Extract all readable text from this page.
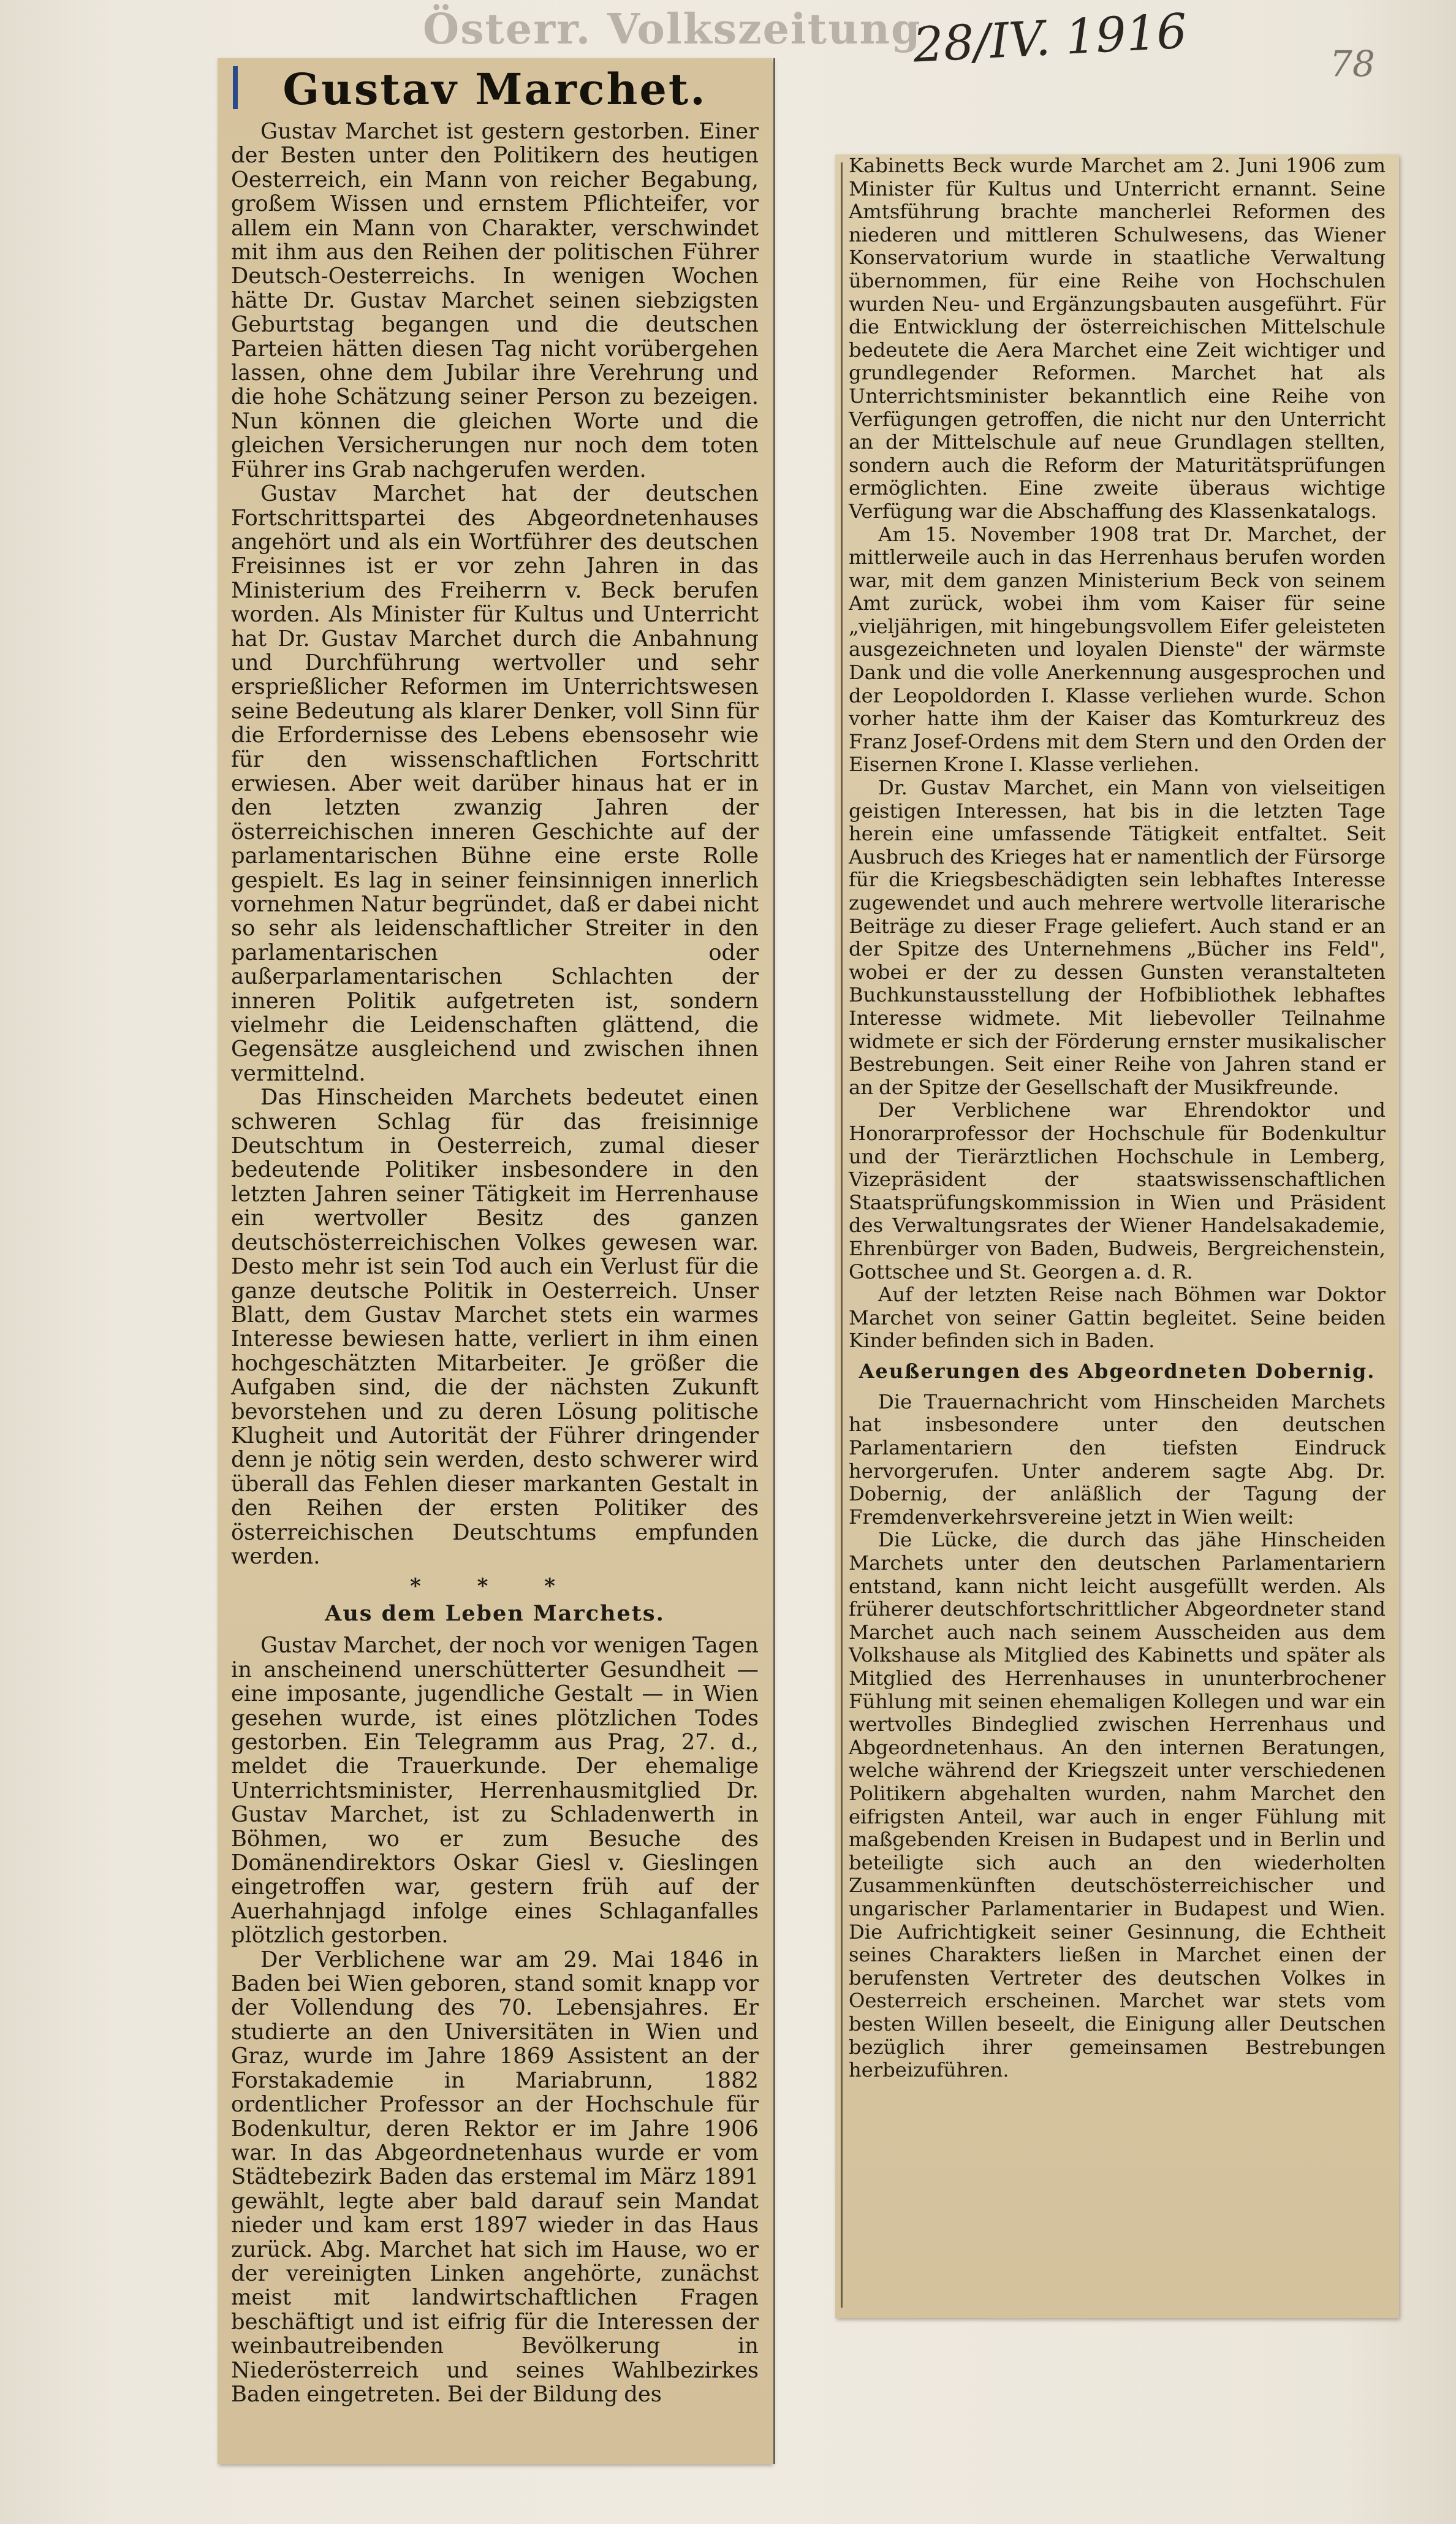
Österr. Volkszeitung
28/IV. 1916	78
Gustav Marchet.

Gustav Marchet ist gestern gestorben. Einer der Besten unter den Politikern des heutigen Oesterreich, ein Mann von reicher Begabung, großem Wissen und ernstem Pflichteifer, vor allem ein Mann von Charakter, verschwindet mit ihm aus den Reihen der politischen Führer Deutsch-Oesterreichs. In wenigen Wochen hätte Dr. Gustav Marchet seinen siebzigsten Geburtstag begangen und die deutschen Parteien hätten diesen Tag nicht vorübergehen lassen, ohne dem Jubilar ihre Verehrung und die hohe Schätzung seiner Person zu bezeigen. Nun können die gleichen Worte und die gleichen Versicherungen nur noch dem toten Führer ins Grab nachgerufen werden.

Gustav Marchet hat der deutschen Fortschrittspartei des Abgeordnetenhauses angehört und als ein Wortführer des deutschen Freisinnes ist er vor zehn Jahren in das Ministerium des Freiherrn v. Beck berufen worden. Als Minister für Kultus und Unterricht hat Dr. Gustav Marchet durch die Anbahnung und Durchführung wertvoller und sehr ersprießlicher Reformen im Unterrichtswesen seine Bedeutung als klarer Denker, voll Sinn für die Erfordernisse des Lebens ebensosehr wie für den wissenschaftlichen Fortschritt erwiesen. Aber weit darüber hinaus hat er in den letzten zwanzig Jahren der österreichischen inneren Geschichte auf der parlamentarischen Bühne eine erste Rolle gespielt. Es lag in seiner feinsinnigen innerlich vornehmen Natur begründet, daß er dabei nicht so sehr als leidenschaftlicher Streiter in den parlamentarischen oder außerparlamentarischen Schlachten der inneren Politik aufgetreten ist, sondern vielmehr die Leidenschaften glättend, die Gegensätze ausgleichend und zwischen ihnen vermittelnd.

Das Hinscheiden Marchets bedeutet einen schweren Schlag für das freisinnige Deutschtum in Oesterreich, zumal dieser bedeutende Politiker insbesondere in den letzten Jahren seiner Tätigkeit im Herrenhause ein wertvoller Besitz des ganzen deutschösterreichischen Volkes gewesen war. Desto mehr ist sein Tod auch ein Verlust für die ganze deutsche Politik in Oesterreich. Unser Blatt, dem Gustav Marchet stets ein warmes Interesse bewiesen hatte, verliert in ihm einen hochgeschätzten Mitarbeiter. Je größer die Aufgaben sind, die der nächsten Zukunft bevorstehen und zu deren Lösung politische Klugheit und Autorität der Führer dringender denn je nötig sein werden, desto schwerer wird überall das Fehlen dieser markanten Gestalt in den Reihen der ersten Politiker des österreichischen Deutschtums empfunden werden.

* * *
Aus dem Leben Marchets.

Gustav Marchet, der noch vor wenigen Tagen in anscheinend unerschütterter Gesundheit — eine imposante, jugendliche Gestalt — in Wien gesehen wurde, ist eines plötzlichen Todes gestorben. Ein Telegramm aus Prag, 27. d., meldet die Trauerkunde. Der ehemalige Unterrichtsminister, Herrenhausmitglied Dr. Gustav Marchet, ist zu Schladenwerth in Böhmen, wo er zum Besuche des Domänendirektors Oskar Giesl v. Gieslingen eingetroffen war, gestern früh auf der Auerhahnjagd infolge eines Schlaganfalles plötzlich gestorben.

Der Verblichene war am 29. Mai 1846 in Baden bei Wien geboren, stand somit knapp vor der Vollendung des 70. Lebensjahres. Er studierte an den Universitäten in Wien und Graz, wurde im Jahre 1869 Assistent an der Forstakademie in Mariabrunn, 1882 ordentlicher Professor an der Hochschule für Bodenkultur, deren Rektor er im Jahre 1906 war. In das Abgeordnetenhaus wurde er vom Städtebezirk Baden das erstemal im März 1891 gewählt, legte aber bald darauf sein Mandat nieder und kam erst 1897 wieder in das Haus zurück. Abg. Marchet hat sich im Hause, wo er der vereinigten Linken angehörte, zunächst meist mit landwirtschaftlichen Fragen beschäftigt und ist eifrig für die Interessen der weinbautreibenden Bevölkerung in Niederösterreich und seines Wahlbezirkes Baden eingetreten. Bei der Bildung des

Kabinetts Beck wurde Marchet am 2. Juni 1906 zum Minister für Kultus und Unterricht ernannt. Seine Amtsführung brachte mancherlei Reformen des niederen und mittleren Schulwesens, das Wiener Konservatorium wurde in staatliche Verwaltung übernommen, für eine Reihe von Hochschulen wurden Neu- und Ergänzungsbauten ausgeführt. Für die Entwicklung der österreichischen Mittelschule bedeutete die Aera Marchet eine Zeit wichtiger und grundlegender Reformen. Marchet hat als Unterrichtsminister bekanntlich eine Reihe von Verfügungen getroffen, die nicht nur den Unterricht an der Mittelschule auf neue Grundlagen stellten, sondern auch die Reform der Maturitätsprüfungen ermöglichten. Eine zweite überaus wichtige Verfügung war die Abschaffung des Klassenkatalogs.

Am 15. November 1908 trat Dr. Marchet, der mittlerweile auch in das Herrenhaus berufen worden war, mit dem ganzen Ministerium Beck von seinem Amt zurück, wobei ihm vom Kaiser für seine „vieljährigen, mit hingebungsvollem Eifer geleisteten ausgezeichneten und loyalen Dienste" der wärmste Dank und die volle Anerkennung ausgesprochen und der Leopoldorden I. Klasse verliehen wurde. Schon vorher hatte ihm der Kaiser das Komturkreuz des Franz Josef-Ordens mit dem Stern und den Orden der Eisernen Krone I. Klasse verliehen.

Dr. Gustav Marchet, ein Mann von vielseitigen geistigen Interessen, hat bis in die letzten Tage herein eine umfassende Tätigkeit entfaltet. Seit Ausbruch des Krieges hat er namentlich der Fürsorge für die Kriegsbeschädigten sein lebhaftes Interesse zugewendet und auch mehrere wertvolle literarische Beiträge zu dieser Frage geliefert. Auch stand er an der Spitze des Unternehmens „Bücher ins Feld", wobei er der zu dessen Gunsten veranstalteten Buchkunstausstellung der Hofbibliothek lebhaftes Interesse widmete. Mit liebevoller Teilnahme widmete er sich der Förderung ernster musikalischer Bestrebungen. Seit einer Reihe von Jahren stand er an der Spitze der Gesellschaft der Musikfreunde.

Der Verblichene war Ehrendoktor und Honorarprofessor der Hochschule für Bodenkultur und der Tierärztlichen Hochschule in Lemberg, Vizepräsident der staatswissenschaftlichen Staatsprüfungskommission in Wien und Präsident des Verwaltungsrates der Wiener Handelsakademie, Ehrenbürger von Baden, Budweis, Bergreichenstein, Gottschee und St. Georgen a. d. R.

Auf der letzten Reise nach Böhmen war Doktor Marchet von seiner Gattin begleitet. Seine beiden Kinder befinden sich in Baden.

Aeußerungen des Abgeordneten Dobernig.

Die Trauernachricht vom Hinscheiden Marchets hat insbesondere unter den deutschen Parlamentariern den tiefsten Eindruck hervorgerufen. Unter anderem sagte Abg. Dr. Dobernig, der anläßlich der Tagung der Fremdenverkehrsvereine jetzt in Wien weilt:

Die Lücke, die durch das jähe Hinscheiden Marchets unter den deutschen Parlamentariern entstand, kann nicht leicht ausgefüllt werden. Als früherer deutschfortschrittlicher Abgeordneter stand Marchet auch nach seinem Ausscheiden aus dem Volkshause als Mitglied des Kabinetts und später als Mitglied des Herrenhauses in ununterbrochener Fühlung mit seinen ehemaligen Kollegen und war ein wertvolles Bindeglied zwischen Herrenhaus und Abgeordnetenhaus. An den internen Beratungen, welche während der Kriegszeit unter verschiedenen Politikern abgehalten wurden, nahm Marchet den eifrigsten Anteil, war auch in enger Fühlung mit maßgebenden Kreisen in Budapest und in Berlin und beteiligte sich auch an den wiederholten Zusammenkünften deutschösterreichischer und ungarischer Parlamentarier in Budapest und Wien. Die Aufrichtigkeit seiner Gesinnung, die Echtheit seines Charakters ließen in Marchet einen der berufensten Vertreter des deutschen Volkes in Oesterreich erscheinen. Marchet war stets vom besten Willen beseelt, die Einigung aller Deutschen bezüglich ihrer gemeinsamen Bestrebungen herbeizuführen.
